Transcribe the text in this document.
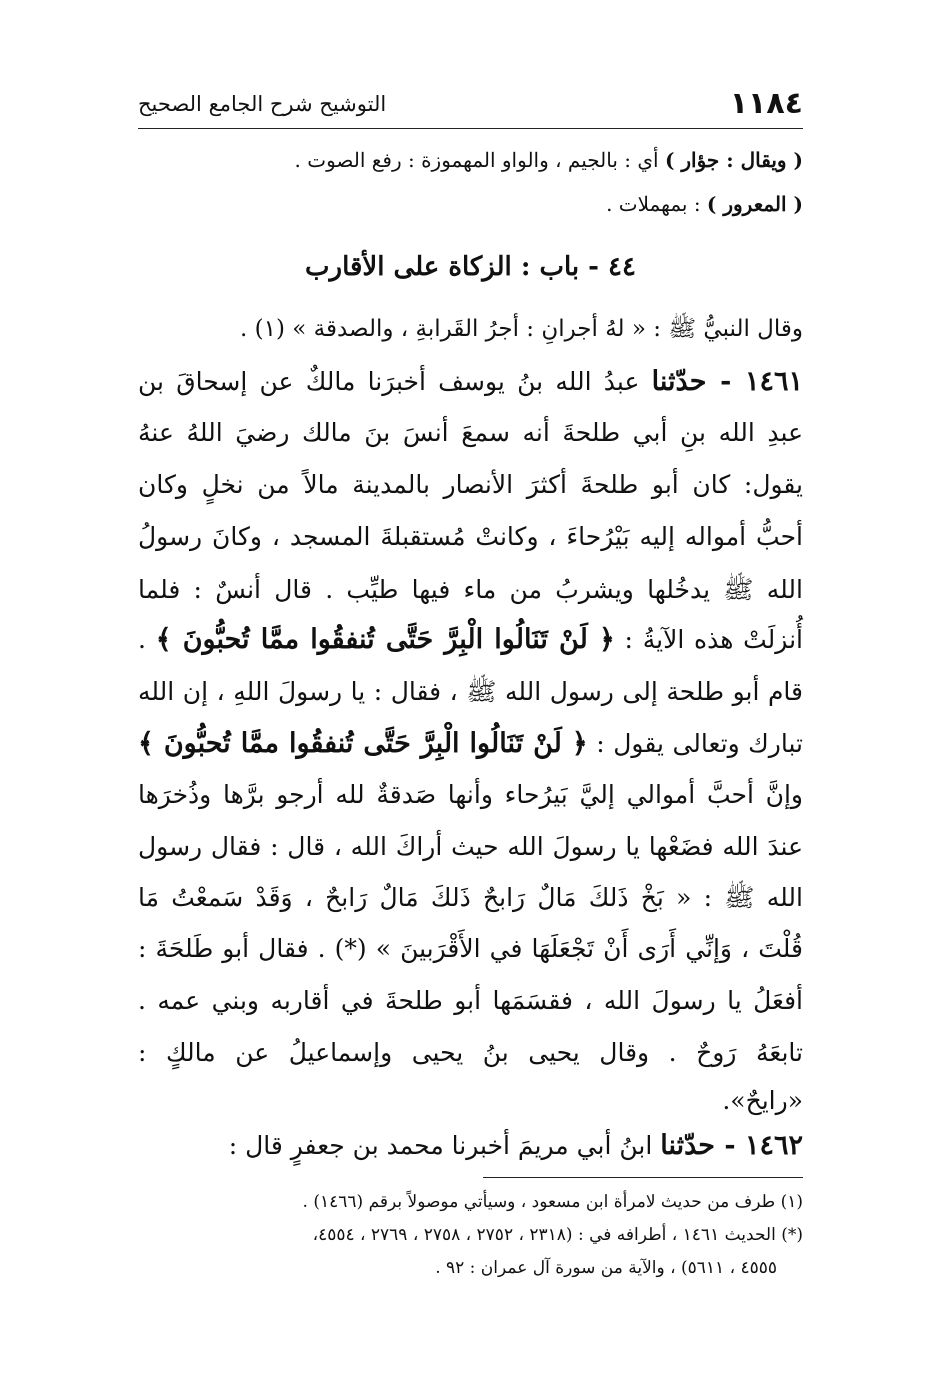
١١٨٤
التوشيح شرح الجامع الصحيح
( ويقال : جؤار ) أي : بالجيم ، والواو المهموزة : رفع الصوت .
( المعرور ) : بمهملات .
٤٤ - باب : الزكاة على الأقارب
وقال النبيُّ ﷺ : « لهُ أجرانِ : أجرُ القَرابةِ ، والصدقة » (١) .
١٤٦١ - حدّثنا عبدُ الله بنُ يوسف أخبرَنا مالكٌ عن إسحاقَ بن
عبدِ الله بنِ أبي طلحةَ أنه سمعَ أنسَ بنَ مالك رضيَ اللهُ عنهُ
يقول: كان أبو طلحةَ أكثرَ الأنصار بالمدينة مالاً من نخلٍ وكان
أحبُّ أمواله إليه بَيْرُحاءَ ، وكانتْ مُستقبلةَ المسجد ، وكانَ رسولُ
الله ﷺ يدخُلها ويشربُ من ماء فيها طيِّب . قال أنسٌ : فلما
أُنزلَتْ هذه الآيةُ : ﴿ لَنْ تَنَالُوا الْبِرَّ حَتَّى تُنفقُوا ممَّا تُحبُّونَ ﴾ .
قام أبو طلحة إلى رسول الله ﷺ ، فقال : يا رسولَ اللهِ ، إن الله
تبارك وتعالى يقول : ﴿ لَنْ تَنَالُوا الْبِرَّ حَتَّى تُنفقُوا ممَّا تُحبُّونَ ﴾
وإنَّ أحبَّ أموالي إليَّ بَيرُحاء وأنها صَدقةٌ لله أرجو برَّها وذُخرَها
عندَ الله فضَعْها يا رسولَ الله حيث أراكَ الله ، قال : فقال رسول
الله ﷺ : « بَخْ ذَلكَ مَالٌ رَابحٌ ذَلكَ مَالٌ رَابحٌ ، وَقَدْ سَمعْتُ مَا
قُلْتَ ، وَإنِّي أَرَى أَنْ تَجْعَلَهَا في الأَقْرَبينَ » (*) . فقال أبو طَلحَةَ :
أفعَلُ يا رسولَ الله ، فقسَمَها أبو طلحةَ في أقاربه وبني عمه .
تابعَهُ رَوحٌ . وقال يحيى بنُ يحيى وإسماعيلُ عن مالكٍ :
«رايحٌ».
١٤٦٢ - حدّثنا ابنُ أبي مريمَ أخبرنا محمد بن جعفرٍ قال :
(١) طرف من حديث لامرأة ابن مسعود ، وسيأتي موصولاً برقم (١٤٦٦) .
(*) الحديث ١٤٦١ ، أطرافه في : (٢٣١٨ ، ٢٧٥٢ ، ٢٧٥٨ ، ٢٧٦٩ ، ٤٥٥٤،
٤٥٥٥ ، ٥٦١١) ، والآية من سورة آل عمران : ٩٢ .
